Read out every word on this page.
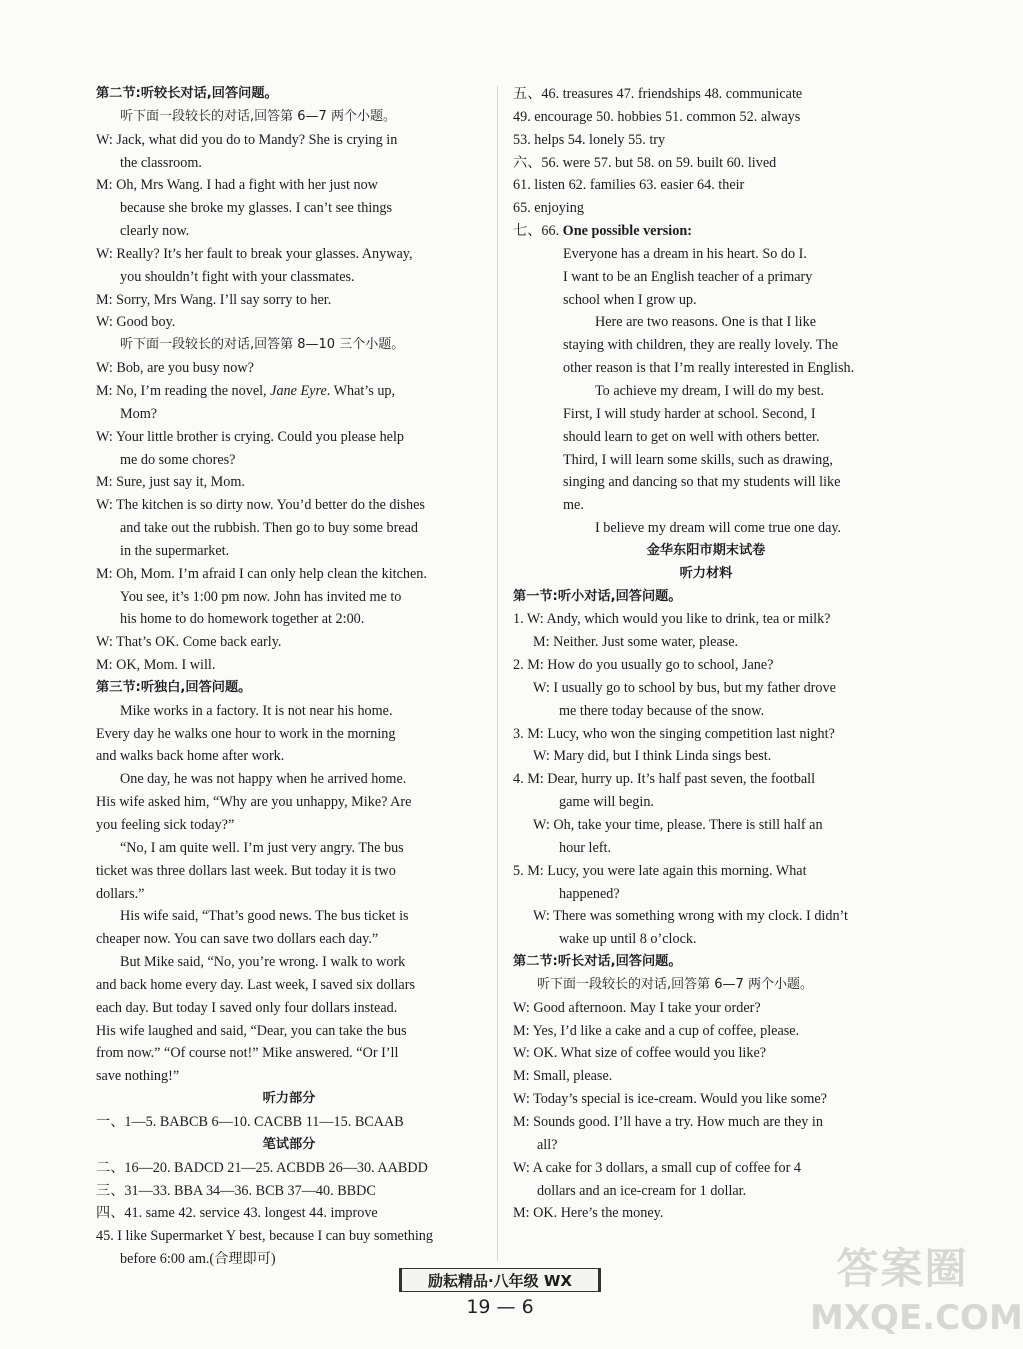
第二节:听较长对话,回答问题。
听下面一段较长的对话,回答第 6—7 两个小题。
W: Jack, what did you do to Mandy? She is crying in
the classroom.
M: Oh, Mrs Wang. I had a fight with her just now
because she broke my glasses. I can’t see things
clearly now.
W: Really? It’s her fault to break your glasses. Anyway,
you shouldn’t fight with your classmates.
M: Sorry, Mrs Wang. I’ll say sorry to her.
W: Good boy.
听下面一段较长的对话,回答第 8—10 三个小题。
W: Bob, are you busy now?
M: No, I’m reading the novel, Jane Eyre. What’s up,
Mom?
W: Your little brother is crying. Could you please help
me do some chores?
M: Sure, just say it, Mom.
W: The kitchen is so dirty now. You’d better do the dishes
and take out the rubbish. Then go to buy some bread
in the supermarket.
M: Oh, Mom. I’m afraid I can only help clean the kitchen.
You see, it’s 1:00 pm now. John has invited me to
his home to do homework together at 2:00.
W: That’s OK. Come back early.
M: OK, Mom. I will.
第三节:听独白,回答问题。
Mike works in a factory. It is not near his home.
Every day he walks one hour to work in the morning
and walks back home after work.
One day, he was not happy when he arrived home.
His wife asked him, “Why are you unhappy, Mike? Are
you feeling sick today?”
“No, I am quite well. I’m just very angry. The bus
ticket was three dollars last week. But today it is two
dollars.”
His wife said, “That’s good news. The bus ticket is
cheaper now. You can save two dollars each day.”
But Mike said, “No, you’re wrong. I walk to work
and back home every day. Last week, I saved six dollars
each day. But today I saved only four dollars instead.
His wife laughed and said, “Dear, you can take the bus
from now.” “Of course not!” Mike answered. “Or I’ll
save nothing!”
听力部分
一、1—5. BABCB 6—10. CACBB 11—15. BCAAB
笔试部分
二、16—20. BADCD 21—25. ACBDB 26—30. AABDD
三、31—33. BBA 34—36. BCB 37—40. BBDC
四、41. same 42. service 43. longest 44. improve
45. I like Supermarket Y best, because I can buy something
before 6:00 am.(合理即可)
五、46. treasures 47. friendships 48. communicate
49. encourage 50. hobbies 51. common 52. always
53. helps 54. lonely 55. try
六、56. were 57. but 58. on 59. built 60. lived
61. listen 62. families 63. easier 64. their
65. enjoying
七、66. One possible version:
Everyone has a dream in his heart. So do I.
I want to be an English teacher of a primary
school when I grow up.
Here are two reasons. One is that I like
staying with children, they are really lovely. The
other reason is that I’m really interested in English.
To achieve my dream, I will do my best.
First, I will study harder at school. Second, I
should learn to get on well with others better.
Third, I will learn some skills, such as drawing,
singing and dancing so that my students will like
me.
I believe my dream will come true one day.
金华东阳市期末试卷
听力材料
第一节:听小对话,回答问题。
1. W: Andy, which would you like to drink, tea or milk?
M: Neither. Just some water, please.
2. M: How do you usually go to school, Jane?
W: I usually go to school by bus, but my father drove
me there today because of the snow.
3. M: Lucy, who won the singing competition last night?
W: Mary did, but I think Linda sings best.
4. M: Dear, hurry up. It’s half past seven, the football
game will begin.
W: Oh, take your time, please. There is still half an
hour left.
5. M: Lucy, you were late again this morning. What
happened?
W: There was something wrong with my clock. I didn’t
wake up until 8 o’clock.
第二节:听长对话,回答问题。
听下面一段较长的对话,回答第 6—7 两个小题。
W: Good afternoon. May I take your order?
M: Yes, I’d like a cake and a cup of coffee, please.
W: OK. What size of coffee would you like?
M: Small, please.
W: Today’s special is ice-cream. Would you like some?
M: Sounds good. I’ll have a try. How much are they in
all?
W: A cake for 3 dollars, a small cup of coffee for 4
dollars and an ice-cream for 1 dollar.
M: OK. Here’s the money.
励耘精品·八年级 WX
19 — 6
答案圈
MXQE.COM
